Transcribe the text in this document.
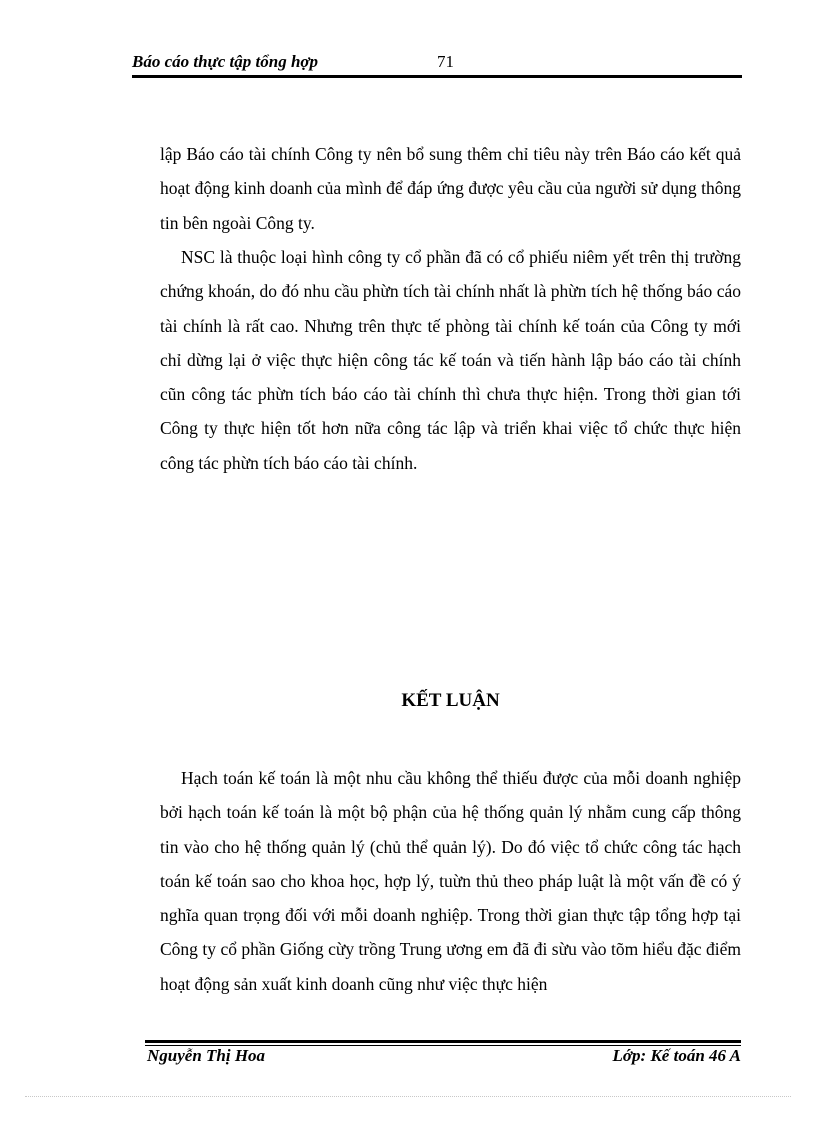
Báo cáo thực tập tổng hợp	71

lập Báo cáo tài chính Công ty nên bổ sung thêm chỉ tiêu này trên Báo cáo kết quả hoạt động kinh doanh của mình để đáp ứng được yêu cầu của người sử dụng thông tin bên ngoài Công ty.

NSC là thuộc loại hình công ty cổ phần đã có cổ phiếu niêm yết trên thị trường chứng khoán, do đó nhu cầu phừn tích tài chính nhất là phừn tích hệ thống báo cáo tài chính là rất cao. Nhưng trên thực tế phòng tài chính kế toán của Công ty mới chỉ dừng lại ở việc thực hiện công tác kế toán và tiến hành lập báo cáo tài chính cũn công tác phừn tích báo cáo tài chính thì chưa thực hiện. Trong thời gian tới Công ty thực hiện tốt hơn nữa công tác lập và triển khai việc tổ chức thực hiện công tác phừn tích báo cáo tài chính.

KẾT LUẬN

Hạch toán kế toán là một nhu cầu không thể thiếu được của mỗi doanh nghiệp bởi hạch toán kế toán là một bộ phận của hệ thống quản lý nhằm cung cấp thông tin vào cho hệ thống quản lý (chủ thể quản lý). Do đó việc tổ chức công tác hạch toán kế toán sao cho khoa học, hợp lý, tuừn thủ theo pháp luật là một vấn đề có ý nghĩa quan trọng đối với mỗi doanh nghiệp. Trong thời gian thực tập tổng hợp tại Công ty cổ phần Giống cừy trồng Trung ương em đã đi sừu vào tõm hiểu đặc điểm hoạt động sản xuất kinh doanh cũng như việc thực hiện

Nguyễn Thị Hoa	Lớp: Kế toán 46 A
